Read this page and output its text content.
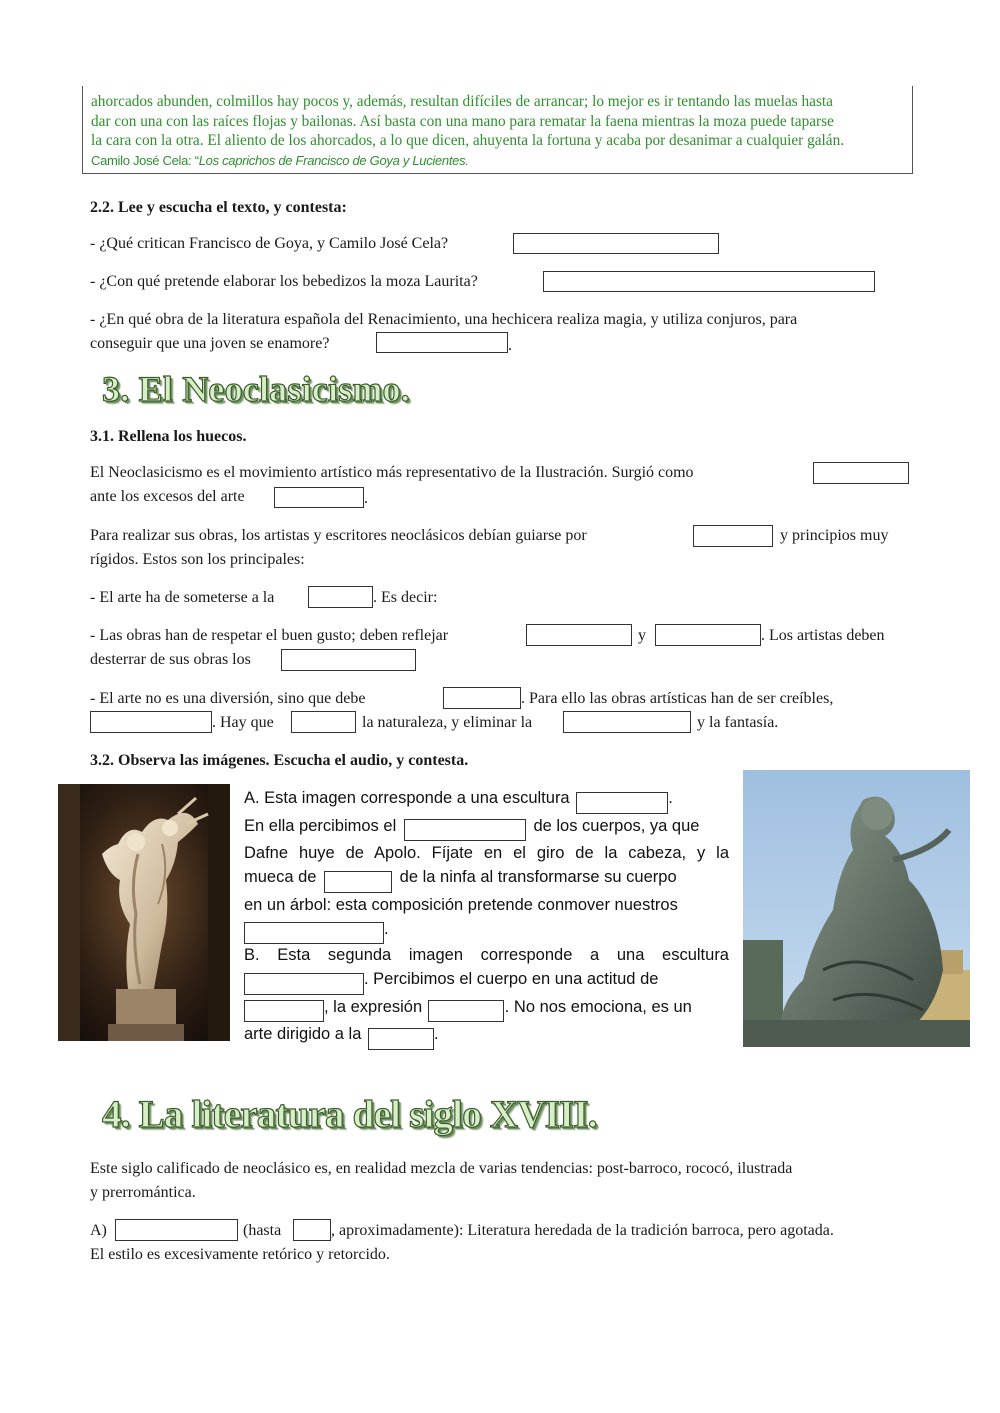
ahorcados abunden, colmillos hay pocos y, además, resultan difíciles de arrancar; lo mejor es ir tentando las muelas hasta

dar con una con las raíces flojas y bailonas. Así basta con una mano para rematar la faena mientras la moza puede taparse

la cara con la otra. El aliento de los ahorcados, a lo que dicen, ahuyenta la fortuna y acaba por desanimar a cualquier galán.

Camilo José Cela: “Los caprichos de Francisco de Goya y Lucientes.

2.2. Lee y escucha el texto, y contesta:
- ¿Qué critican Francisco de Goya, y Camilo José Cela?
- ¿Con qué pretende elaborar los bebedizos la moza Laurita?
- ¿En qué obra de la literatura española del Renacimiento, una hechicera realiza magia, y utiliza conjuros, para
conseguir que una joven se enamore?	.
3. El Neoclasicismo.
3.1. Rellena los huecos.
El Neoclasicismo es el movimiento artístico más representativo de la Ilustración. Surgió como
ante los excesos del arte	.
Para realizar sus obras, los artistas y escritores neoclásicos debían guiarse por	y principios muy
rígidos. Estos son los principales:
- El arte ha de someterse a la	. Es decir:
- Las obras han de respetar el buen gusto; deben reflejar	y	. Los artistas deben
desterrar de sus obras los
- El arte no es una diversión, sino que debe	. Para ello las obras artísticas han de ser creíbles,
. Hay que	la naturaleza, y eliminar la	y la fantasía.
3.2. Observa las imágenes. Escucha el audio, y contesta.
A. Esta imagen corresponde a una escultura	.
En ella percibimos el	de los cuerpos, ya que
Dafne huye de Apolo. Fíjate en el giro de la cabeza, y la
mueca de	de la ninfa al transformarse su cuerpo
en un árbol: esta composición pretende conmover nuestros
.
B. Esta segunda imagen corresponde a una escultura
. Percibimos el cuerpo en una actitud de
, la expresión	. No nos emociona, es un
arte dirigido a la	.
4. La literatura del siglo XVIII.
Este siglo calificado de neoclásico es, en realidad mezcla de varias tendencias: post-barroco, rococó, ilustrada
y prerromántica.
A)	(hasta	, aproximadamente): Literatura heredada de la tradición barroca, pero agotada.
El estilo es excesivamente retórico y retorcido.
